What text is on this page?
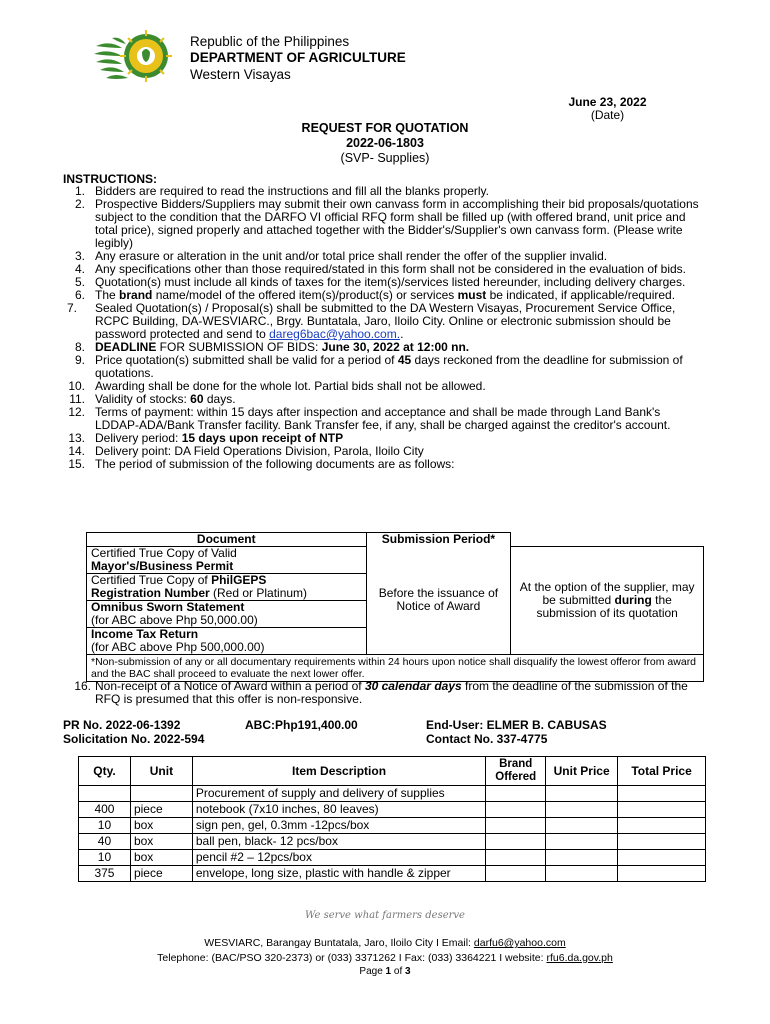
Republic of the Philippines
DEPARTMENT OF AGRICULTURE
Western Visayas
June 23, 2022
(Date)
REQUEST FOR QUOTATION
2022-06-1803
(SVP- Supplies)
INSTRUCTIONS:
1. Bidders are required to read the instructions and fill all the blanks properly.
2. Prospective Bidders/Suppliers may submit their own canvass form in accomplishing their bid proposals/quotations subject to the condition that the DARFO VI official RFQ form shall be filled up (with offered brand, unit price and total price), signed properly and attached together with the Bidder's/Supplier's own canvass form. (Please write legibly)
3. Any erasure or alteration in the unit and/or total price shall render the offer of the supplier invalid.
4. Any specifications other than those required/stated in this form shall not be considered in the evaluation of bids.
5. Quotation(s) must include all kinds of taxes for the item(s)/services listed hereunder, including delivery charges.
6. The brand name/model of the offered item(s)/product(s) or services must be indicated, if applicable/required.
7. Sealed Quotation(s) / Proposal(s) shall be submitted to the DA Western Visayas, Procurement Service Office, RCPC Building, DA-WESVIARC., Brgy. Buntatala, Jaro, Iloilo City. Online or electronic submission should be password protected and send to dareg6bac@yahoo.com..
8. DEADLINE FOR SUBMISSION OF BIDS: June 30, 2022 at 12:00 nn.
9. Price quotation(s) submitted shall be valid for a period of 45 days reckoned from the deadline for submission of quotations.
10. Awarding shall be done for the whole lot. Partial bids shall not be allowed.
11. Validity of stocks: 60 days.
12. Terms of payment: within 15 days after inspection and acceptance and shall be made through Land Bank's LDDAP-ADA/Bank Transfer facility. Bank Transfer fee, if any, shall be charged against the creditor's account.
13. Delivery period: 15 days upon receipt of NTP
14. Delivery point: DA Field Operations Division, Parola, Iloilo City
15. The period of submission of the following documents are as follows:
Document	Submission Period*	

Certified True Copy of Valid
Mayor's/Business Permit	Before the issuance of Notice of Award	At the option of the supplier, may be submitted during the submission of its quotation
Certified True Copy of PhilGEPS
Registration Number (Red or Platinum)		

Omnibus Sworn Statement
(for ABC above Php 50,000.00)		

Income Tax Return
(for ABC above Php 500,000.00)		

*Non-submission of any or all documentary requirements within 24 hours upon notice shall disqualify the lowest offeror from award and the BAC shall proceed to evaluate the next lower offer.		
16. Non-receipt of a Notice of Award within a period of 30 calendar days from the deadline of the submission of the RFQ is presumed that this offer is non-responsive.
PR No. 2022-06-1392
Solicitation No. 2022-594
ABC:Php191,400.00	End-User: ELMER B. CABUSAS
Contact No. 337-4775
Qty.	Unit	Item Description	Brand Offered	Unit Price	Total Price
		Procurement of supply and delivery of supplies			
400	piece	notebook (7x10 inches, 80 leaves)			
10	box	sign pen, gel, 0.3mm -12pcs/box			
40	box	ball pen, black- 12 pcs/box			
10	box	pencil #2 – 12pcs/box			
375	piece	envelope, long size, plastic with handle & zipper			
We serve what farmers deserve
WESVIARC, Barangay Buntatala, Jaro, Iloilo City I Email: darfu6@yahoo.com
Telephone: (BAC/PSO 320-2373) or (033) 3371262 I Fax: (033) 3364221 I website: rfu6.da.gov.ph
Page 1 of 3
